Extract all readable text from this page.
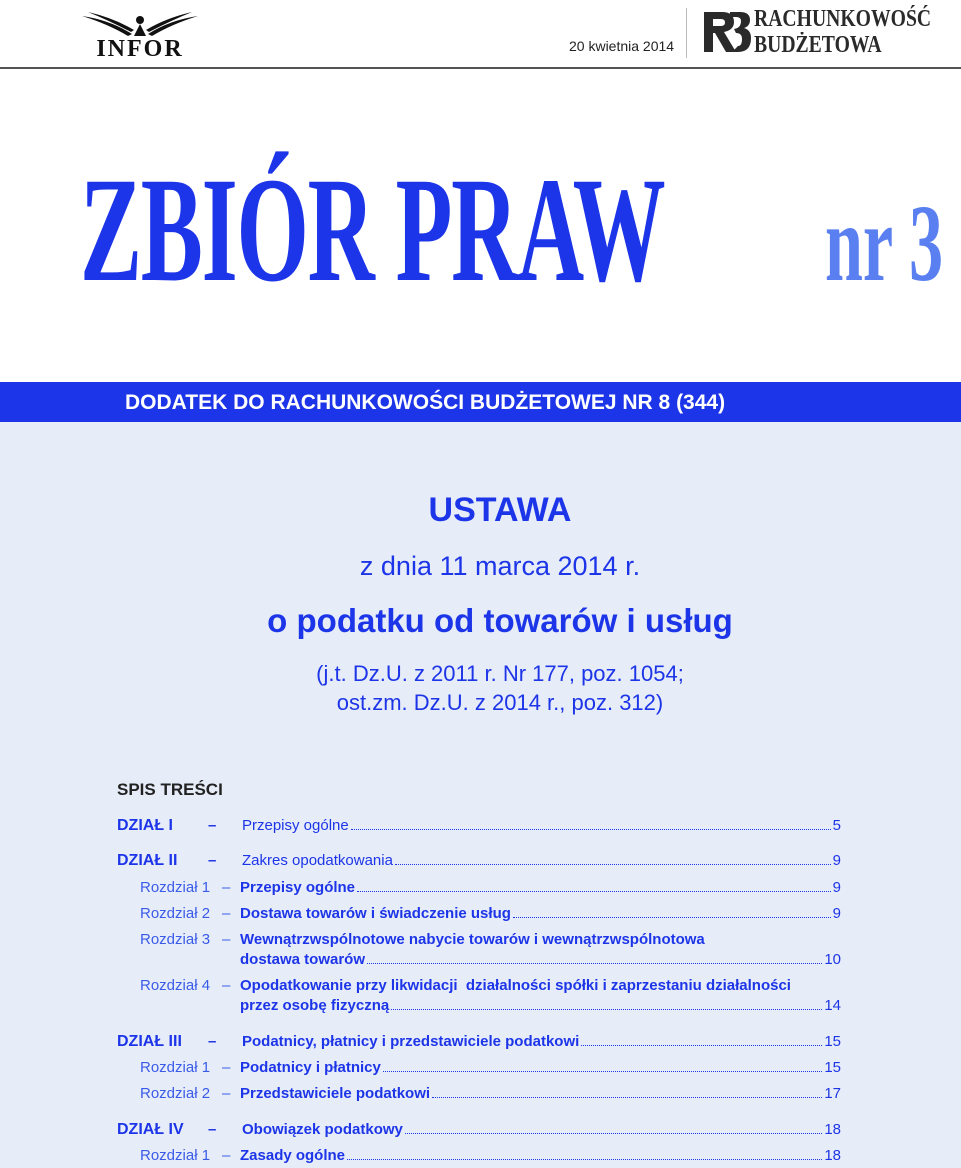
INFOR	20 kwietnia 2014
RACHUNKOWOŚĆ
BUDŻETOWA
ZBIÓR PRAW nr 3
DODATEK DO RACHUNKOWOŚCI BUDŻETOWEJ NR 8 (344)
USTAWA
z dnia 11 marca 2014 r.
o podatku od towarów i usług
(j.t. Dz.U. z 2011 r. Nr 177, poz. 1054;
ost.zm. Dz.U. z 2014 r., poz. 312)
SPIS TREŚCI
DZIAŁ I – Przepisy ogólne	5
DZIAŁ II – Zakres opodatkowania	9
Rozdział 1 – Przepisy ogólne	9
Rozdział 2 – Dostawa towarów i świadczenie usług	9
Rozdział 3 – Wewnątrzwspólnotowe nabycie towarów i wewnątrzwspólnotowa
dostawa towarów	10
Rozdział 4 – Opodatkowanie przy likwidacji  działalności spółki i zaprzestaniu działalności
przez osobę fizyczną	14
DZIAŁ III – Podatnicy, płatnicy i przedstawiciele podatkowi	15
Rozdział 1 – Podatnicy i płatnicy	15
Rozdział 2 – Przedstawiciele podatkowi	17
DZIAŁ IV – Obowiązek podatkowy	18
Rozdział 1 – Zasady ogólne	18
